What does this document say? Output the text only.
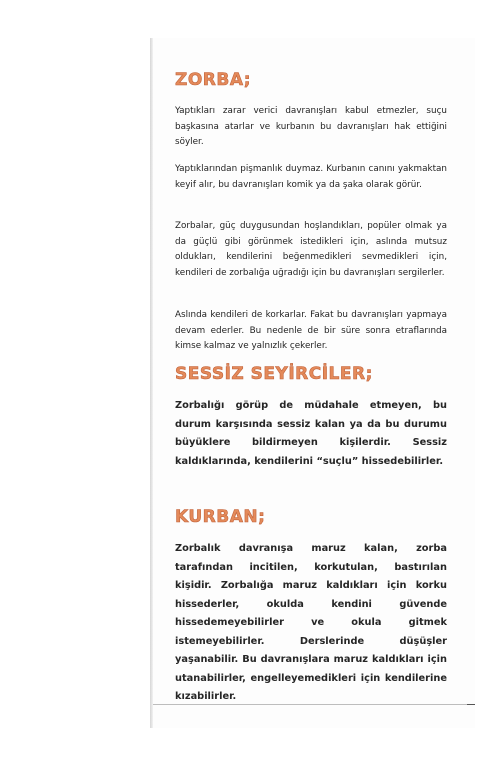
ZORBA;

Yaptıkları zarar verici davranışları kabul etmezler, suçu başkasına atarlar ve kurbanın bu davranışları hak ettiğini söyler.

Yaptıklarından pişmanlık duymaz. Kurbanın canını yakmaktan keyif alır, bu davranışları komik ya da şaka olarak görür.

Zorbalar, güç duygusundan hoşlandıkları, popüler olmak ya da güçlü gibi görünmek istedikleri için, aslında mutsuz oldukları, kendilerini beğenmedikleri sevmedikleri için, kendileri de zorbalığa uğradığı için bu davranışları sergilerler.

Aslında kendileri de korkarlar. Fakat bu davranışları yapmaya devam ederler. Bu nedenle de bir süre sonra etraflarında kimse kalmaz ve yalnızlık çekerler.

SESSİZ SEYİRCİLER;

Zorbalığı görüp de müdahale etmeyen, bu durum karşısında sessiz kalan ya da bu durumu büyüklere bildirmeyen kişilerdir. Sessiz kaldıklarında, kendilerini “suçlu” hissedebilirler.

KURBAN;

Zorbalık davranışa maruz kalan, zorba tarafından incitilen, korkutulan, bastırılan kişidir. Zorbalığa maruz kaldıkları için korku hissederler, okulda kendini güvende hissedemeyebilirler ve okula gitmek istemeyebilirler. Derslerinde düşüşler yaşanabilir. Bu davranışlara maruz kaldıkları için utanabilirler, engelleyemedikleri için kendilerine kızabilirler.
